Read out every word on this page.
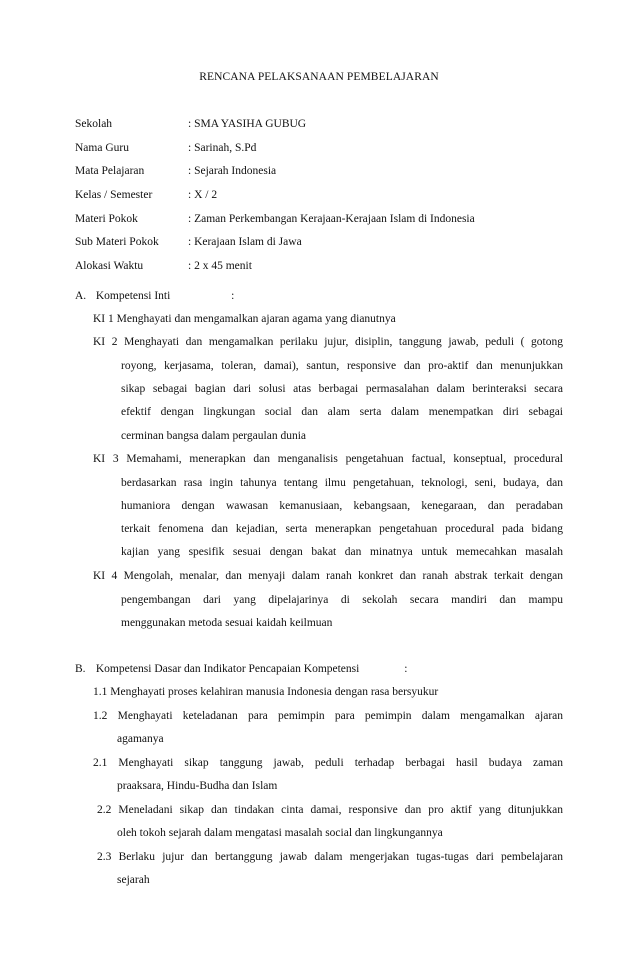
RENCANA PELAKSANAAN PEMBELAJARAN
Sekolah	: SMA YASIHA GUBUG
Nama Guru	: Sarinah, S.Pd
Mata Pelajaran	: Sejarah Indonesia
Kelas / Semester	: X / 2
Materi Pokok	: Zaman Perkembangan Kerajaan-Kerajaan Islam di Indonesia
Sub Materi Pokok	: Kerajaan Islam di Jawa
Alokasi Waktu	: 2 x 45 menit
A. Kompetensi Inti	:
KI 1 Menghayati dan mengamalkan ajaran agama yang dianutnya
KI 2 Menghayati dan mengamalkan perilaku jujur, disiplin, tanggung jawab, peduli ( gotong
royong, kerjasama, toleran, damai), santun, responsive dan pro-aktif dan menunjukkan
sikap sebagai bagian dari solusi atas berbagai permasalahan dalam berinteraksi secara
efektif dengan lingkungan social dan alam serta dalam menempatkan diri sebagai
cerminan bangsa dalam pergaulan dunia
KI 3 Memahami, menerapkan dan menganalisis pengetahuan factual, konseptual, procedural
berdasarkan rasa ingin tahunya tentang ilmu pengetahuan, teknologi, seni, budaya, dan
humaniora dengan wawasan kemanusiaan, kebangsaan, kenegaraan, dan peradaban
terkait fenomena dan kejadian, serta menerapkan pengetahuan procedural pada bidang
kajian yang spesifik sesuai dengan bakat dan minatnya untuk memecahkan masalah
KI 4 Mengolah, menalar, dan menyaji dalam ranah konkret dan ranah abstrak terkait dengan
pengembangan dari yang dipelajarinya di sekolah secara mandiri dan mampu
menggunakan metoda sesuai kaidah keilmuan
B. Kompetensi Dasar dan Indikator Pencapaian Kompetensi	:
1.1 Menghayati proses kelahiran manusia Indonesia dengan rasa bersyukur
1.2 Menghayati keteladanan para pemimpin para pemimpin dalam mengamalkan ajaran
agamanya
2.1 Menghayati sikap tanggung jawab, peduli terhadap berbagai hasil budaya zaman
praaksara, Hindu-Budha dan Islam
2.2 Meneladani sikap dan tindakan cinta damai, responsive dan pro aktif yang ditunjukkan
oleh tokoh sejarah dalam mengatasi masalah social dan lingkungannya
2.3 Berlaku jujur dan bertanggung jawab dalam mengerjakan tugas-tugas dari pembelajaran
sejarah
